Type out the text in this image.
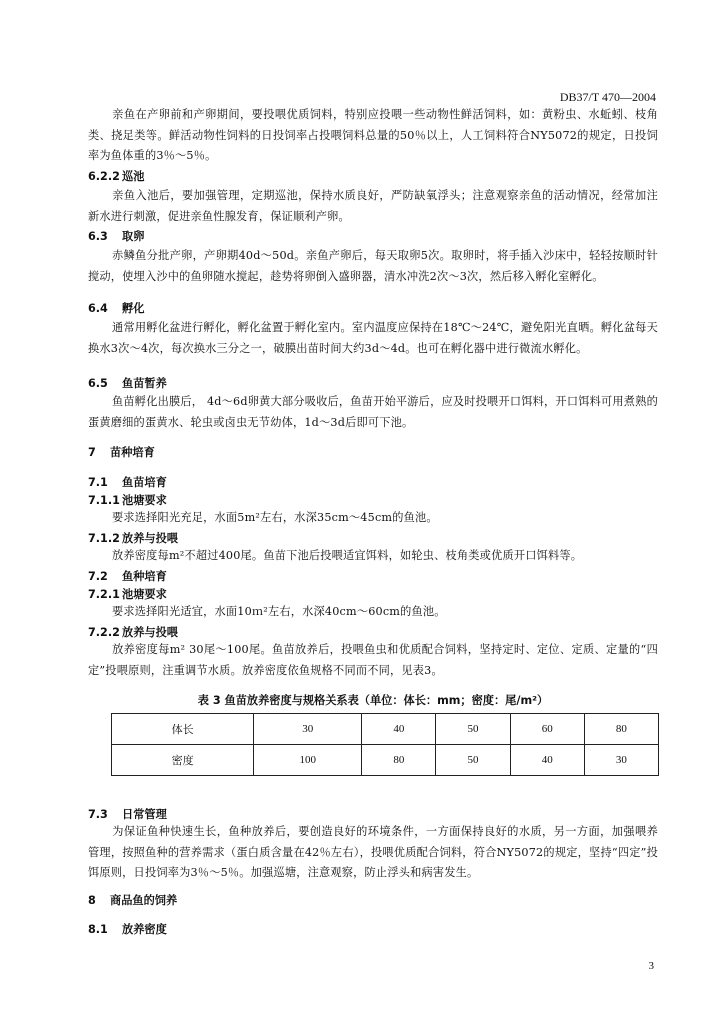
DB37/T 470—2004
亲鱼在产卵前和产卵期间，要投喂优质饲料，特别应投喂一些动物性鲜活饲料，如：黄粉虫、水蚯蚓、枝角类、挠足类等。鲜活动物性饲料的日投饲率占投喂饲料总量的50％以上，人工饲料符合NY5072的规定，日投饲率为鱼体重的3％～5％。
6.2.2 巡池
亲鱼入池后，要加强管理，定期巡池，保持水质良好，严防缺氧浮头；注意观察亲鱼的活动情况，经常加注新水进行刺激，促进亲鱼性腺发育，保证顺利产卵。
6.3 取卵
赤鳞鱼分批产卵，产卵期40d～50d。亲鱼产卵后，每天取卵5次。取卵时，将手插入沙床中，轻轻按顺时针搅动，使埋入沙中的鱼卵随水搅起，趁势将卵倒入盛卵器，清水冲洗2次～3次，然后移入孵化室孵化。
6.4 孵化
通常用孵化盆进行孵化，孵化盆置于孵化室内。室内温度应保持在18℃～24℃，避免阳光直晒。孵化盆每天换水3次～4次，每次换水三分之一，破膜出苗时间大约3d～4d。也可在孵化器中进行微流水孵化。
6.5 鱼苗暂养
鱼苗孵化出膜后， 4d～6d卵黄大部分吸收后，鱼苗开始平游后，应及时投喂开口饵料，开口饵料可用煮熟的蛋黄磨细的蛋黄水、轮虫或卤虫无节幼体，1d～3d后即可下池。
7 苗种培育
7.1 鱼苗培育
7.1.1 池塘要求
要求选择阳光充足，水面5m²左右，水深35cm～45cm的鱼池。
7.1.2 放养与投喂
放养密度每m²不超过400尾。鱼苗下池后投喂适宜饵料，如轮虫、枝角类或优质开口饵料等。
7.2 鱼种培育
7.2.1 池塘要求
要求选择阳光适宜，水面10ｍ²左右，水深40cm～60cm的鱼池。
7.2.2 放养与投喂
放养密度每m² 30尾～100尾。鱼苗放养后，投喂鱼虫和优质配合饲料，坚持定时、定位、定质、定量的“四定”投喂原则，注重调节水质。放养密度依鱼规格不同而不同，见表3。
表 3 鱼苗放养密度与规格关系表（单位：体长：mm；密度：尾/m²）
体长	30	40	50	60	80
密度	100	80	50	40	30
7.3 日常管理
为保证鱼种快速生长，鱼种放养后，要创造良好的环境条件，一方面保持良好的水质，另一方面，加强喂养管理，按照鱼种的营养需求（蛋白质含量在42％左右），投喂优质配合饲料，符合NY5072的规定，坚持“四定”投饵原则，日投饲率为3％～5％。加强巡塘，注意观察，防止浮头和病害发生。
8 商品鱼的饲养
8.1 放养密度
3
